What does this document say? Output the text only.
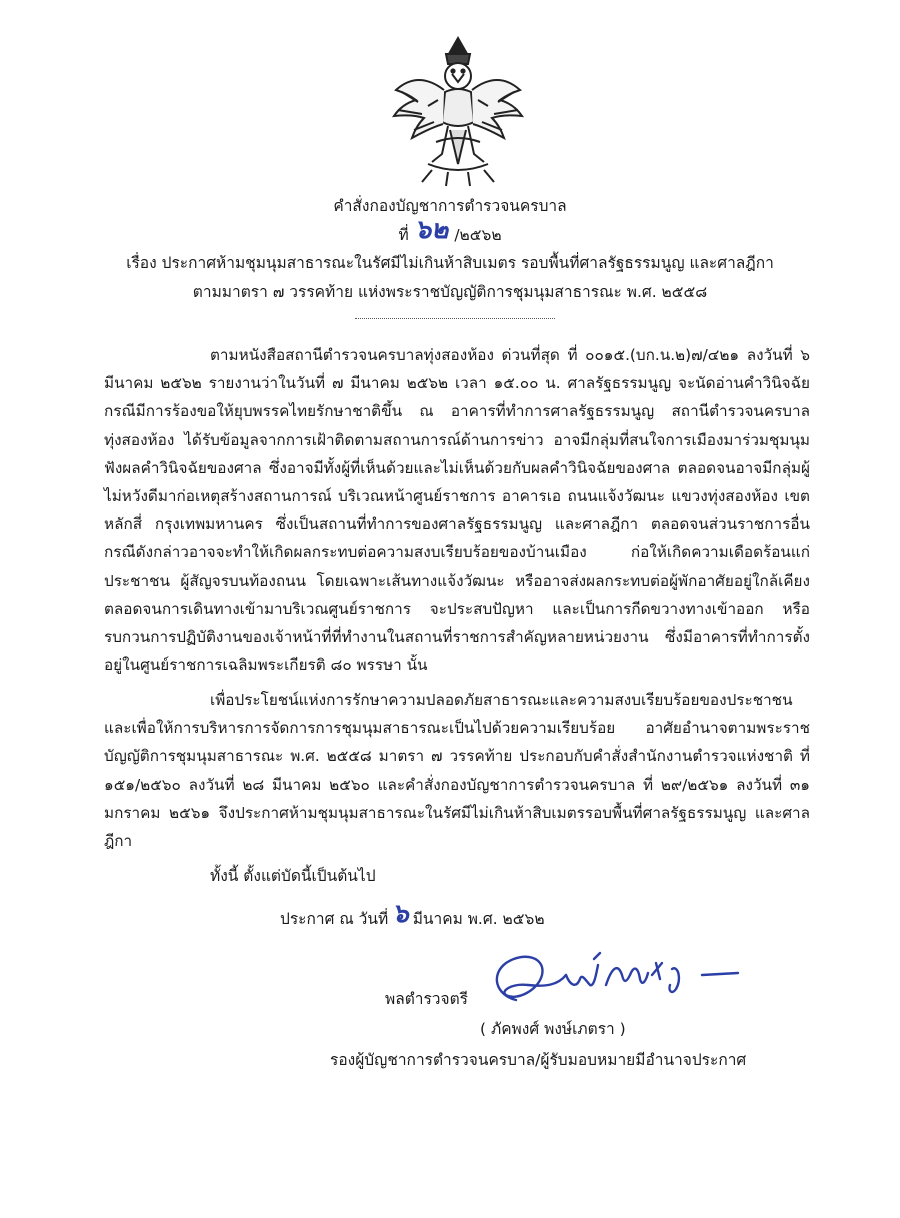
คำสั่งกองบัญชาการตำรวจนครบาล
ที่ ๖๒ /๒๕๖๒
เรื่อง ประกาศห้ามชุมนุมสาธารณะในรัศมีไม่เกินห้าสิบเมตร รอบพื้นที่ศาลรัฐธรรมนูญ และศาลฎีกา
ตามมาตรา ๗ วรรคท้าย แห่งพระราชบัญญัติการชุมนุมสาธารณะ พ.ศ. ๒๕๕๘
ตามหนังสือสถานีตำรวจนครบาลทุ่งสองห้อง ด่วนที่สุด ที่ ๐๐๑๕.(บก.น.๒)๗/๔๒๑ ลงวันที่ ๖ มีนาคม ๒๕๖๒ รายงานว่าในวันที่ ๗ มีนาคม ๒๕๖๒ เวลา ๑๕.๐๐ น. ศาลรัฐธรรมนูญ จะนัดอ่านคำวินิจฉัยกรณีมีการร้องขอให้ยุบพรรคไทยรักษาชาติขึ้น ณ อาคารที่ทำการศาลรัฐธรรมนูญ สถานีตำรวจนครบาลทุ่งสองห้อง ได้รับข้อมูลจากการเฝ้าติดตามสถานการณ์ด้านการข่าว อาจมีกลุ่มที่สนใจการเมืองมาร่วมชุมนุม ฟังผลคำวินิจฉัยของศาล ซึ่งอาจมีทั้งผู้ที่เห็นด้วยและไม่เห็นด้วยกับผลคำวินิจฉัยของศาล ตลอดจนอาจมีกลุ่มผู้ไม่หวังดีมาก่อเหตุสร้างสถานการณ์ บริเวณหน้าศูนย์ราชการ อาคารเอ ถนนแจ้งวัฒนะ แขวงทุ่งสองห้อง เขตหลักสี่ กรุงเทพมหานคร ซึ่งเป็นสถานที่ทำการของศาลรัฐธรรมนูญ และศาลฎีกา ตลอดจนส่วนราชการอื่น กรณีดังกล่าวอาจจะทำให้เกิดผลกระทบต่อความสงบเรียบร้อยของบ้านเมือง ก่อให้เกิดความเดือดร้อนแก่ประชาชน ผู้สัญจรบนท้องถนน โดยเฉพาะเส้นทางแจ้งวัฒนะ หรืออาจส่งผลกระทบต่อผู้พักอาศัยอยู่ใกล้เคียง ตลอดจนการเดินทางเข้ามาบริเวณศูนย์ราชการ จะประสบปัญหา และเป็นการกีดขวางทางเข้าออก หรือรบกวนการปฏิบัติงานของเจ้าหน้าที่ที่ทำงานในสถานที่ราชการสำคัญหลายหน่วยงาน ซึ่งมีอาคารที่ทำการตั้งอยู่ในศูนย์ราชการเฉลิมพระเกียรติ ๘๐ พรรษา นั้น
เพื่อประโยชน์แห่งการรักษาความปลอดภัยสาธารณะและความสงบเรียบร้อยของประชาชน และเพื่อให้การบริหารการจัดการการชุมนุมสาธารณะเป็นไปด้วยความเรียบร้อย อาศัยอำนาจตามพระราชบัญญัติการชุมนุมสาธารณะ พ.ศ. ๒๕๕๘ มาตรา ๗ วรรคท้าย ประกอบกับคำสั่งสำนักงานตำรวจแห่งชาติ ที่ ๑๕๑/๒๕๖๐ ลงวันที่ ๒๘ มีนาคม ๒๕๖๐ และคำสั่งกองบัญชาการตำรวจนครบาล ที่ ๒๙/๒๕๖๑ ลงวันที่ ๓๑ มกราคม ๒๕๖๑ จึงประกาศห้ามชุมนุมสาธารณะในรัศมีไม่เกินห้าสิบเมตรรอบพื้นที่ศาลรัฐธรรมนูญ และศาลฎีกา
ทั้งนี้ ตั้งแต่บัดนี้เป็นต้นไป
ประกาศ ณ วันที่ ๖ มีนาคม พ.ศ. ๒๕๖๒
พลตำรวจตรี
( ภัคพงศ์ พงษ์เภตรา )
รองผู้บัญชาการตำรวจนครบาล/ผู้รับมอบหมายมีอำนาจประกาศ
